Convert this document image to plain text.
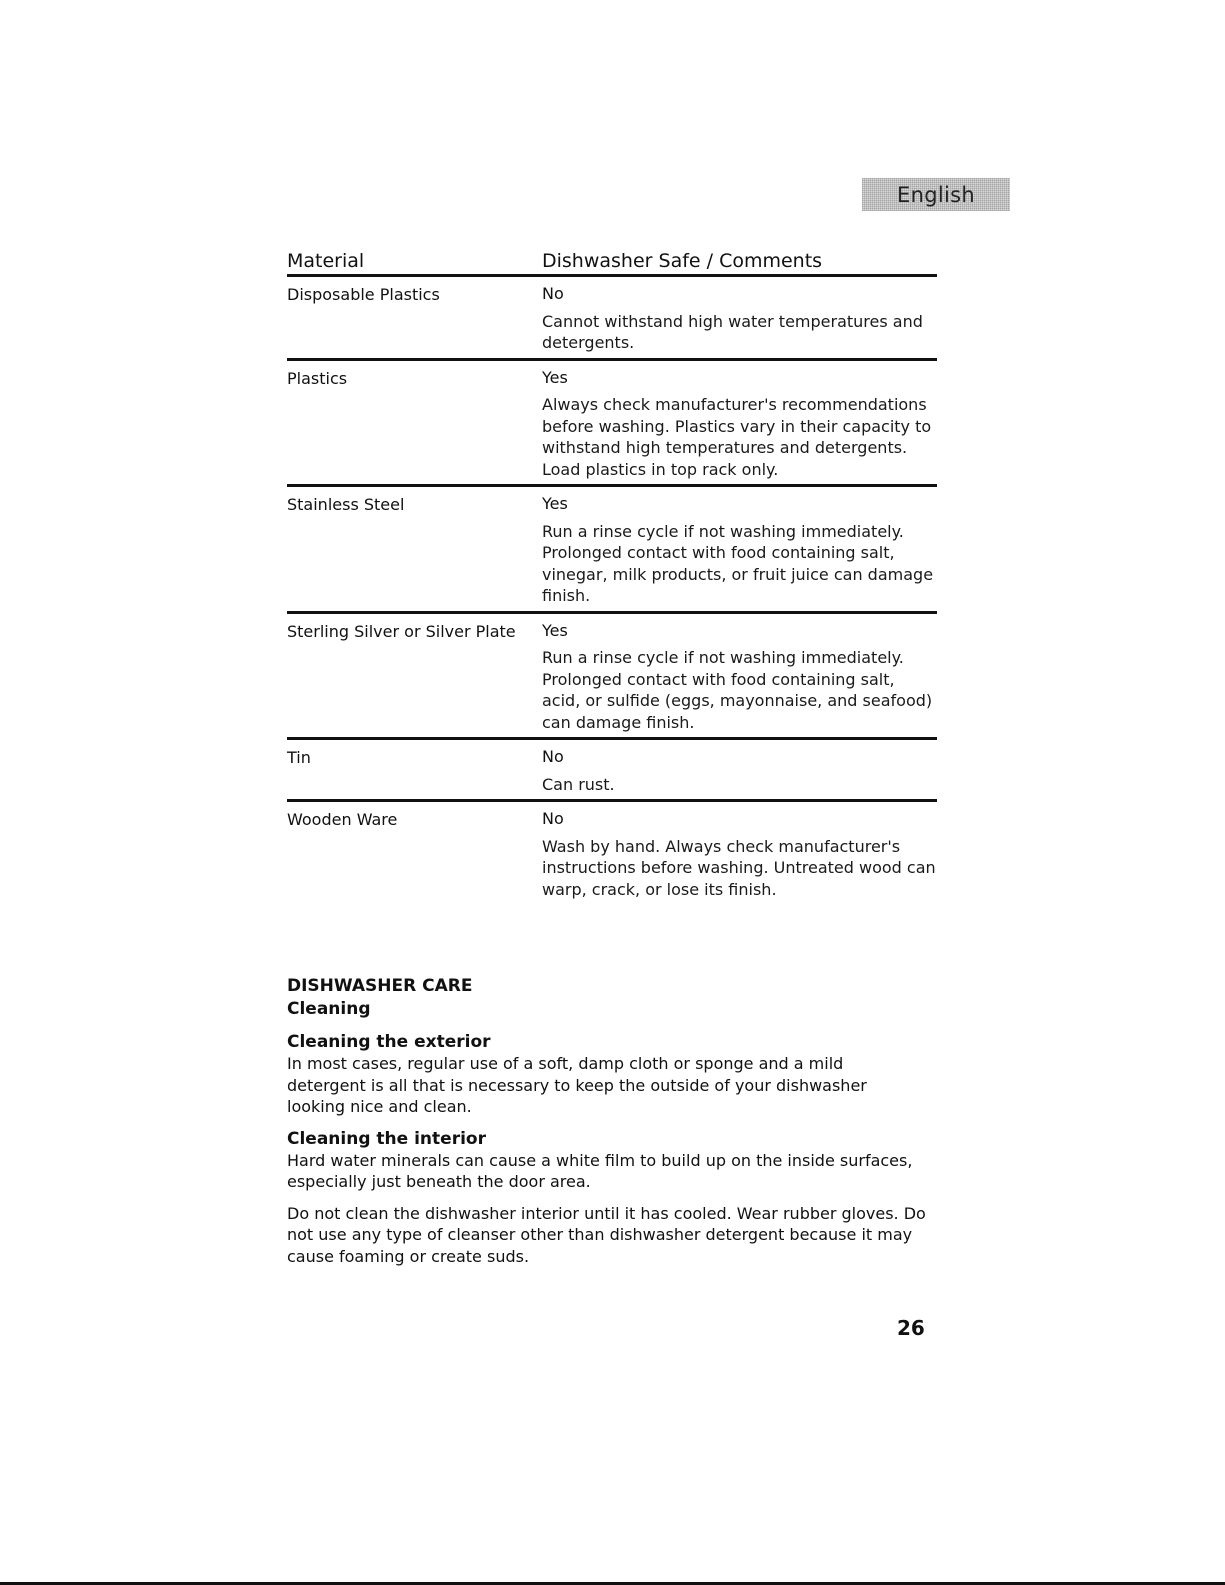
English
Material	Dishwasher Safe / Comments
Disposable Plastics	No
Cannot withstand high water temperatures and detergents.
Plastics	Yes
Always check manufacturer's recommendations before washing. Plastics vary in their capacity to withstand high temperatures and detergents. Load plastics in top rack only.
Stainless Steel	Yes
Run a rinse cycle if not washing immediately. Prolonged contact with food containing salt, vinegar, milk products, or fruit juice can damage finish.
Sterling Silver or Silver Plate	Yes
Run a rinse cycle if not washing immediately. Prolonged contact with food containing salt, acid, or sulfide (eggs, mayonnaise, and seafood) can damage finish.
Tin	No
Can rust.
Wooden Ware	No
Wash by hand. Always check manufacturer's instructions before washing. Untreated wood can warp, crack, or lose its finish.
DISHWASHER CARE
Cleaning
Cleaning the exterior
In most cases, regular use of a soft, damp cloth or sponge and a mild detergent is all that is necessary to keep the outside of your dishwasher looking nice and clean.
Cleaning the interior
Hard water minerals can cause a white film to build up on the inside surfaces, especially just beneath the door area.
Do not clean the dishwasher interior until it has cooled. Wear rubber gloves. Do not use any type of cleanser other than dishwasher detergent because it may cause foaming or create suds.
26
